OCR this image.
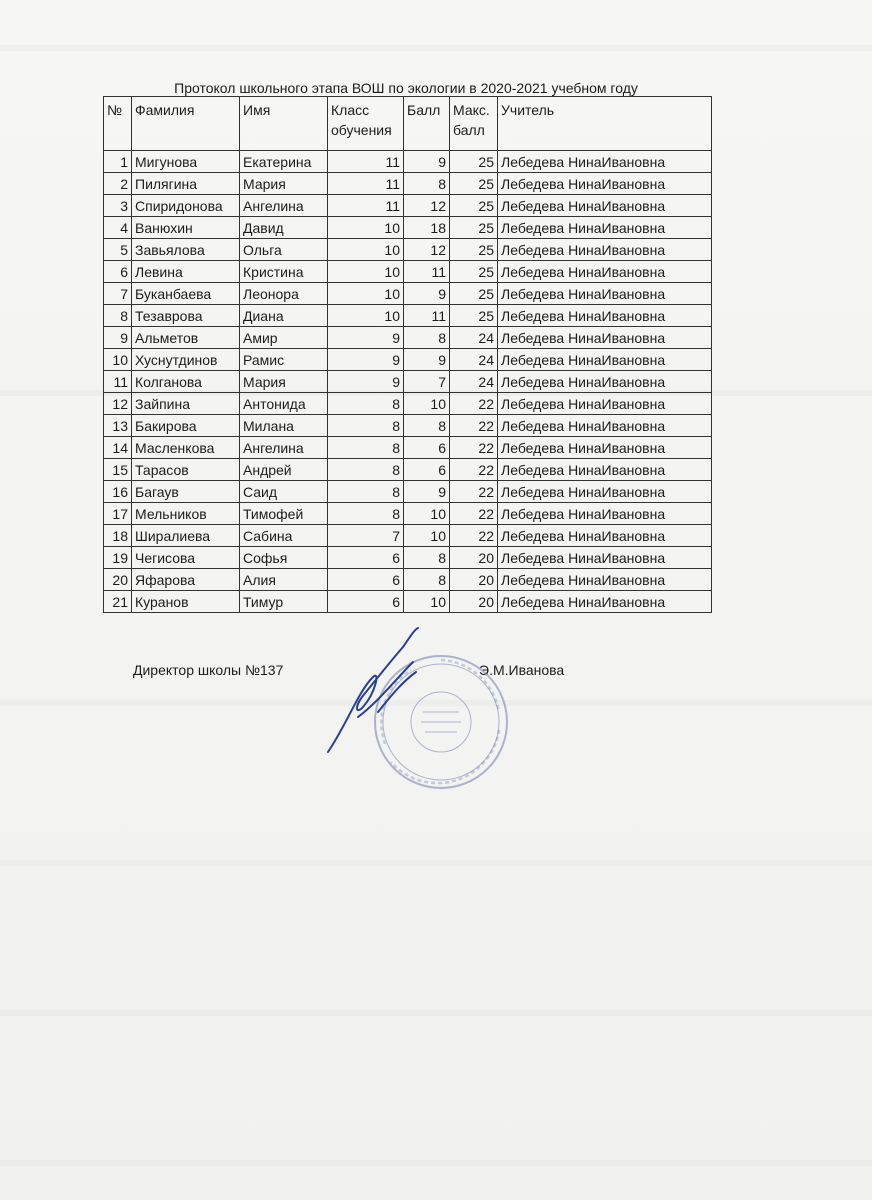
Протокол школьного этапа ВОШ по экологии в 2020-2021 учебном году
№	Фамилия	Имя	Класс обучения	Балл	Макс. балл	Учитель
1	Мигунова	Екатерина	11	9	25	Лебедева НинаИвановна
2	Пилягина	Мария	11	8	25	Лебедева НинаИвановна
3	Спиридонова	Ангелина	11	12	25	Лебедева НинаИвановна
4	Ванюхин	Давид	10	18	25	Лебедева НинаИвановна
5	Завьялова	Ольга	10	12	25	Лебедева НинаИвановна
6	Левина	Кристина	10	11	25	Лебедева НинаИвановна
7	Буканбаева	Леонора	10	9	25	Лебедева НинаИвановна
8	Тезаврова	Диана	10	11	25	Лебедева НинаИвановна
9	Альметов	Амир	9	8	24	Лебедева НинаИвановна
10	Хуснутдинов	Рамис	9	9	24	Лебедева НинаИвановна
11	Колганова	Мария	9	7	24	Лебедева НинаИвановна
12	Зайпина	Антонида	8	10	22	Лебедева НинаИвановна
13	Бакирова	Милана	8	8	22	Лебедева НинаИвановна
14	Масленкова	Ангелина	8	6	22	Лебедева НинаИвановна
15	Тарасов	Андрей	8	6	22	Лебедева НинаИвановна
16	Багаув	Саид	8	9	22	Лебедева НинаИвановна
17	Мельников	Тимофей	8	10	22	Лебедева НинаИвановна
18	Ширалиева	Сабина	7	10	22	Лебедева НинаИвановна
19	Чегисова	Софья	6	8	20	Лебедева НинаИвановна
20	Яфарова	Алия	6	8	20	Лебедева НинаИвановна
21	Куранов	Тимур	6	10	20	Лебедева НинаИвановна
Директор школы №137	Э.М.Иванова
